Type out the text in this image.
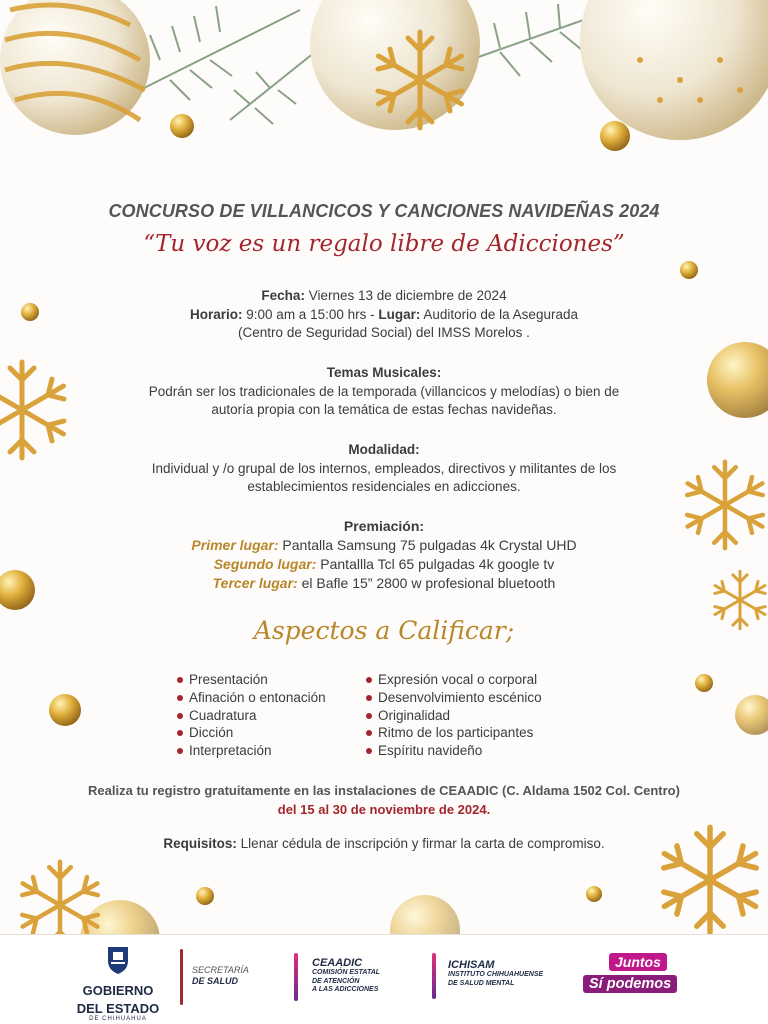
CONCURSO DE VILLANCICOS Y CANCIONES NAVIDEÑAS 2024
“Tu voz es un regalo libre de Adicciones”
Fecha: Viernes 13 de diciembre de 2024
Horario: 9:00 am a 15:00 hrs - Lugar: Auditorio de la Asegurada
(Centro de Seguridad Social) del IMSS Morelos .
Temas Musicales:
Podrán ser los tradicionales de la temporada (villancicos y melodías) o bien de
autoría propia con la temática de estas fechas navideñas.
Modalidad:
Individual y /o grupal de los internos, empleados, directivos y militantes de los
establecimientos residenciales en adicciones.
Premiación:
Primer lugar: Pantalla Samsung 75 pulgadas 4k Crystal UHD
Segundo lugar: Pantallla Tcl 65 pulgadas 4k google tv
Tercer lugar: el Bafle 15” 2800 w profesional bluetooth
Aspectos a Calificar;
Presentación
Afinación o entonación
Cuadratura
Dicción
Interpretación
Expresión vocal o corporal
Desenvolvimiento escénico
Originalidad
Ritmo de los participantes
Espíritu navideño
Realiza tu registro gratuitamente en las instalaciones de CEAADIC (C. Aldama 1502 Col. Centro)
del 15 al 30 de noviembre de 2024.
Requisitos: Llenar cédula de inscripción y firmar la carta de compromiso.
GOBIERNO
DEL ESTADO
DE CHIHUAHUA
SECRETARÍA
DE SALUD
CEAADIC
COMISIÓN ESTATAL
DE ATENCIÓN
A LAS ADICCIONES
ICHISAM
INSTITUTO CHIHUAHUENSE
DE SALUD MENTAL
Juntos
Sí podemos
